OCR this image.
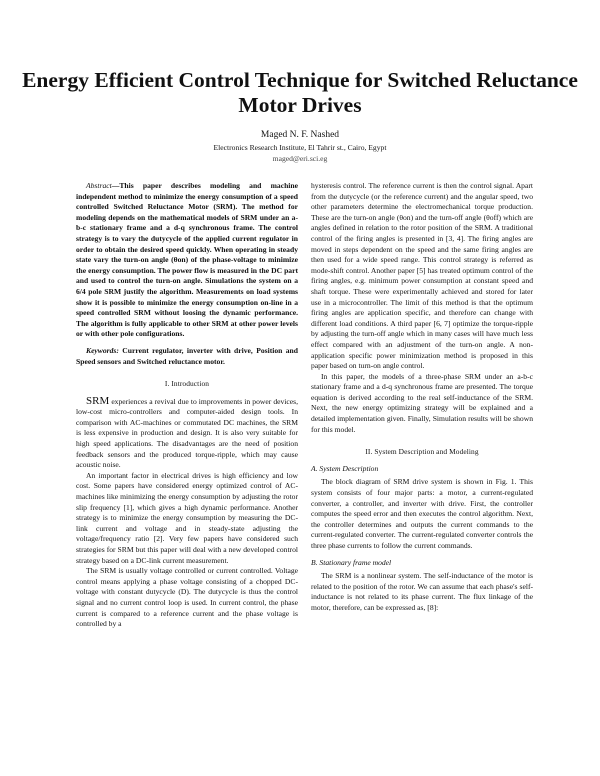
Energy Efficient Control Technique for Switched Reluctance Motor Drives
Maged N. F. Nashed
Electronics Research Institute, El Tahrir st., Cairo, Egypt
maged@eri.sci.eg

Abstract—This paper describes modeling and machine independent method to minimize the energy consumption of a speed controlled Switched Reluctance Motor (SRM). The method for modeling depends on the mathematical models of SRM under an a-b-c stationary frame and a d-q synchronous frame. The control strategy is to vary the dutycycle of the applied current regulator in order to obtain the desired speed quickly. When operating in steady state vary the turn-on angle (θon) of the phase-voltage to minimize the energy consumption. The power flow is measured in the DC part and used to control the turn-on angle. Simulations the system on a 6/4 pole SRM justify the algorithm. Measurements on load systems show it is possible to minimize the energy consumption on-line in a speed controlled SRM without loosing the dynamic performance. The algorithm is fully applicable to other SRM at other power levels or with other pole configurations.

Keywords: Current regulator, inverter with drive, Position and Speed sensors and Switched reluctance motor.

I. Introduction

SRM experiences a revival due to improvements in power devices, low-cost micro-controllers and computer-aided design tools. In comparison with AC-machines or commutated DC machines, the SRM is less expensive in production and design. It is also very suitable for high speed applications. The disadvantages are the need of position feedback sensors and the produced torque-ripple, which may cause acoustic noise.

An important factor in electrical drives is high efficiency and low cost. Some papers have considered energy optimized control of AC-machines like minimizing the energy consumption by adjusting the rotor slip frequency [1], which gives a high dynamic performance. Another strategy is to minimize the energy consumption by measuring the DC-link current and voltage and in steady-state adjusting the voltage/frequency ratio [2]. Very few papers have considered such strategies for SRM but this paper will deal with a new developed control strategy based on a DC-link current measurement.

The SRM is usually voltage controlled or current controlled. Voltage control means applying a phase voltage consisting of a chopped DC-voltage with constant dutycycle (D). The dutycycle is thus the control signal and no current control loop is used. In current control, the phase current is compared to a reference current and the phase voltage is controlled by a

hysteresis control. The reference current is then the control signal. Apart from the dutycycle (or the reference current) and the angular speed, two other parameters determine the electromechanical torque production. These are the turn-on angle (θon) and the turn-off angle (θoff) which are angles defined in relation to the rotor position of the SRM. A traditional control of the firing angles is presented in [3, 4]. The firing angles are moved in steps dependent on the speed and the same firing angles are then used for a wide speed range. This control strategy is referred as mode-shift control. Another paper [5] has treated optimum control of the firing angles, e.g. minimum power consumption at constant speed and shaft torque. These were experimentally achieved and stored for later use in a microcontroller. The limit of this method is that the optimum firing angles are application specific, and therefore can change with different load conditions. A third paper [6, 7] optimize the torque-ripple by adjusting the turn-off angle which in many cases will have much less effect compared with an adjustment of the turn-on angle. A non-application specific power minimization method is proposed in this paper based on turn-on angle control.

In this paper, the models of a three-phase SRM under an a-b-c stationary frame and a d-q synchronous frame are presented. The torque equation is derived according to the real self-inductance of the SRM. Next, the new energy optimizing strategy will be explained and a detailed implementation given. Finally, Simulation results will be shown for this model.

II. System Description and Modeling
A. System Description

The block diagram of SRM drive system is shown in Fig. 1. This system consists of four major parts: a motor, a current-regulated converter, a controller, and inverter with drive. First, the controller computes the speed error and then executes the control algorithm. Next, the controller determines and outputs the current commands to the current-regulated converter. The current-regulated converter controls the three phase currents to follow the current commands.

B. Stationary frame model

The SRM is a nonlinear system. The self-inductance of the motor is related to the position of the rotor. We can assume that each phase's self-inductance is not related to its phase current. The flux linkage of the motor, therefore, can be expressed as, [8]:
